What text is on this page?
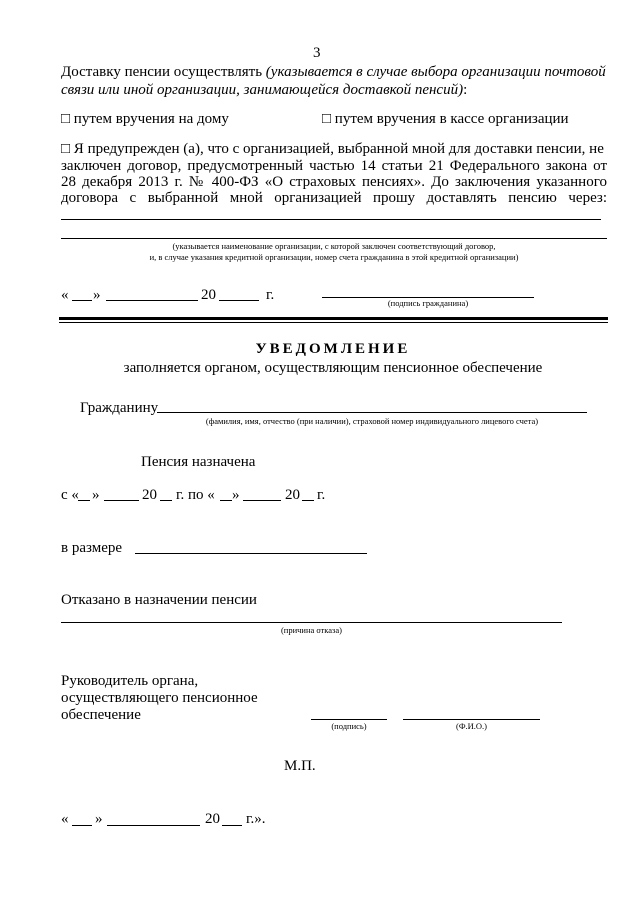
3
Доставку пенсии осуществлять (указывается в случае выбора организации почтовой
связи или иной организации, занимающейся доставкой пенсий):
□ путем вручения на дому	□ путем вручения в кассе организации
□ Я предупрежден (а), что с организацией, выбранной мной для доставки пенсии, не
заключен договор, предусмотренный частью 14 статьи 21 Федерального закона от
28 декабря 2013 г. № 400-ФЗ «О страховых пенсиях». До заключения указанного
договора с выбранной мной организацией прошу доставлять пенсию через:
(указывается наименование организации, с которой заключен соответствующий договор,
и, в случае указания кредитной организации, номер счета гражданина в этой кредитной организации)
« »	20	г.	(подпись гражданина)
УВЕДОМЛЕНИЕ
заполняется органом, осуществляющим пенсионное обеспечение
Гражданину
(фамилия, имя, отчество (при наличии), страховой номер индивидуального лицевого счета)
Пенсия назначена
с « »	20 г. по « »	20 г.
в размере
Отказано в назначении пенсии
(причина отказа)
Руководитель органа,
осуществляющего пенсионное
обеспечение
(подпись)	(Ф.И.О.)
М.П.
« »	20 г.».
